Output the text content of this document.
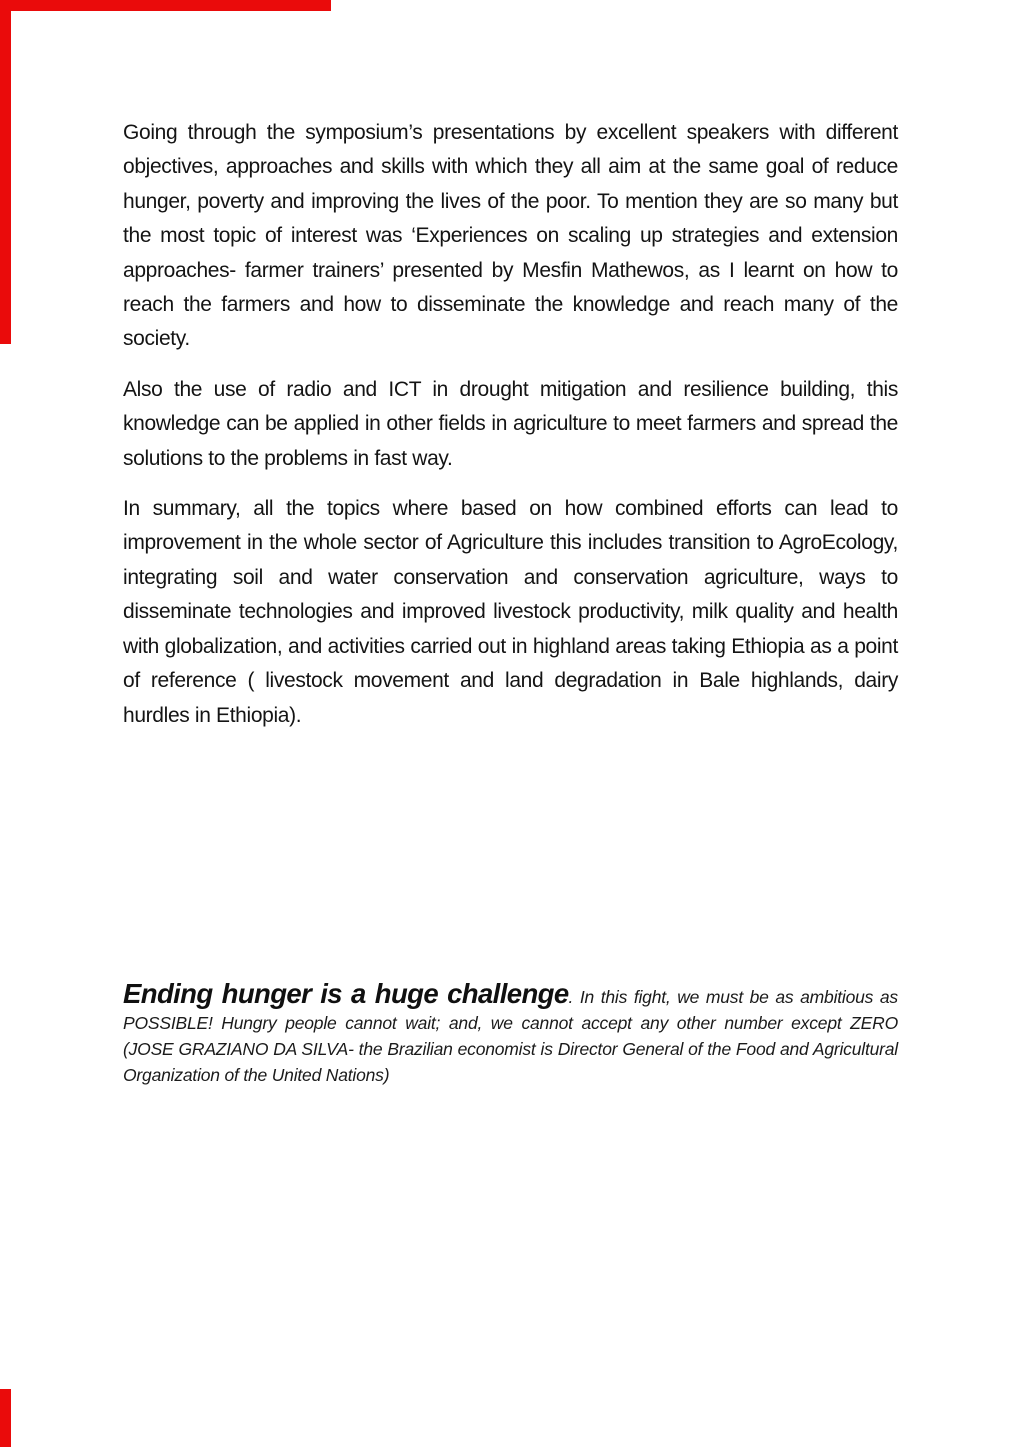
Going through the symposium’s presentations by excellent speakers with different objectives, approaches and skills with which they all aim at the same goal of reduce hunger, poverty and improving the lives of the poor. To mention they are so many but the most topic of interest was ‘Experiences on scaling up strategies and extension approaches- farmer trainers’ presented by Mesfin Mathewos, as I learnt on how to reach the farmers and how to disseminate the knowledge and reach many of the society.

Also the use of radio and ICT in drought mitigation and resilience building, this knowledge can be applied in other fields in agriculture to meet farmers and spread the solutions to the problems in fast way.

In summary, all the topics where based on how combined efforts can lead to improvement in the whole sector of Agriculture this includes transition to AgroEcology, integrating soil and water conservation and conservation agriculture, ways to disseminate technologies and improved livestock productivity, milk quality and health with globalization, and activities carried out in highland areas taking Ethiopia as a point of reference ( livestock movement and land degradation in Bale highlands, dairy hurdles in Ethiopia).

Ending hunger is a huge challenge. In this fight, we must be as ambitious as POSSIBLE! Hungry people cannot wait; and, we cannot accept any other number except ZERO (JOSE GRAZIANO DA SILVA- the Brazilian economist is Director General of the Food and Agricultural Organization of the United Nations)
